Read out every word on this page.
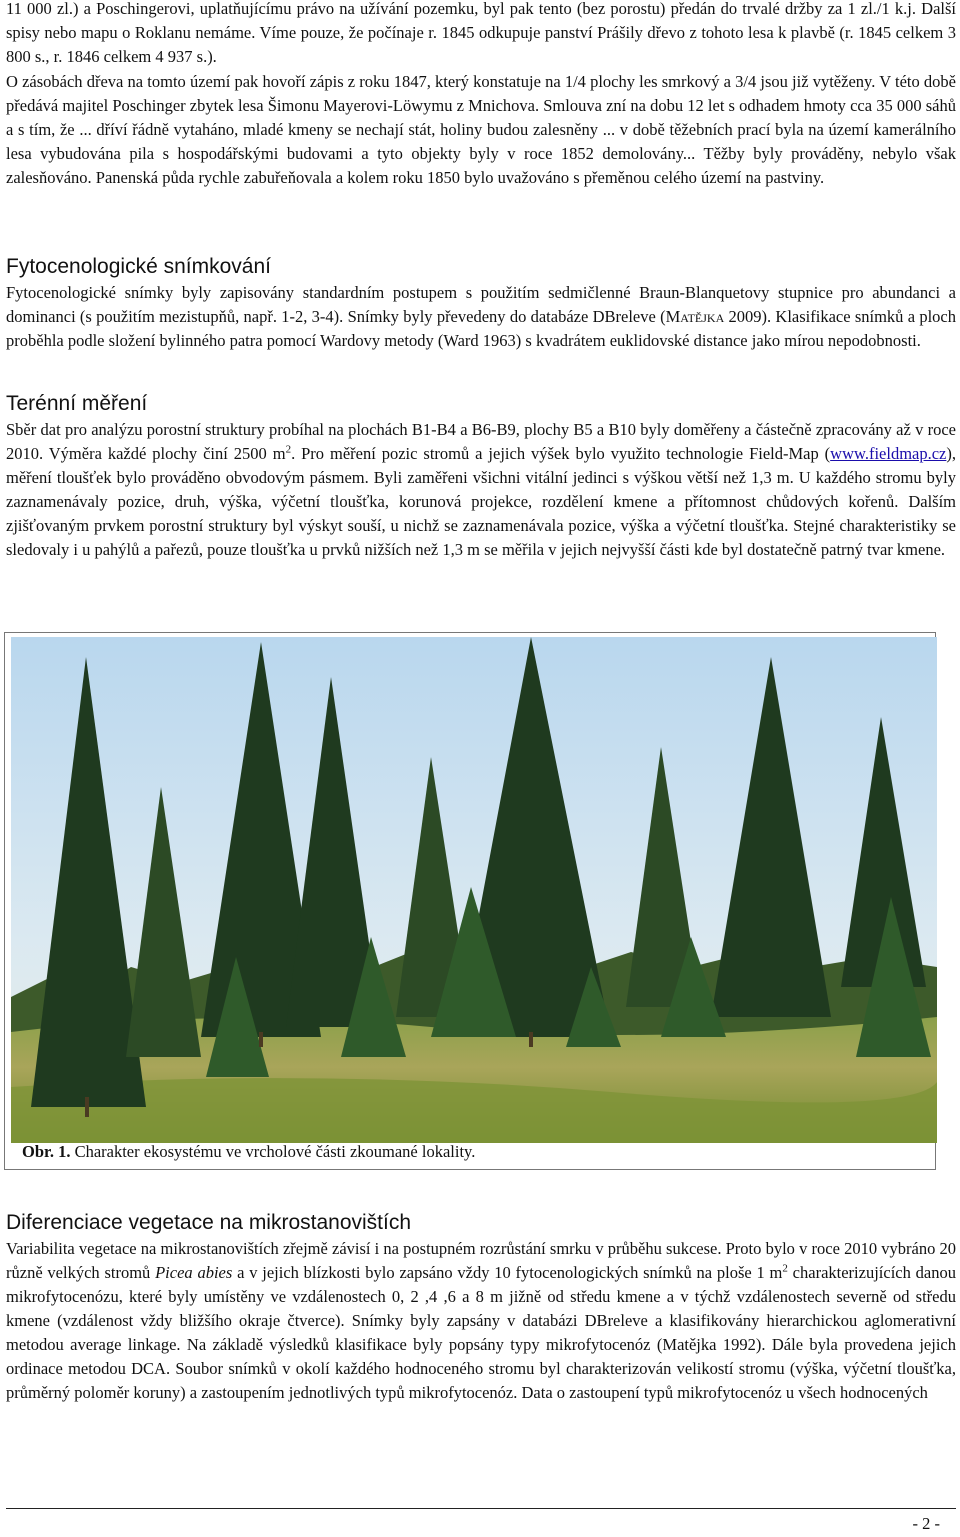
11 000 zl.) a Poschingerovi, uplatňujícímu právo na užívání pozemku, byl pak tento (bez porostu) předán do trvalé držby za 1 zl./1 k.j. Další spisy nebo mapu o Roklanu nemáme. Víme pouze, že počínaje r. 1845 odkupuje panství Prášily dřevo z tohoto lesa k plavbě (r. 1845 celkem 3 800 s., r. 1846 celkem 4 937 s.).

O zásobách dřeva na tomto území pak hovoří zápis z roku 1847, který konstatuje na 1/4 plochy les smrkový a 3/4 jsou již vytěženy. V této době předává majitel Poschinger zbytek lesa Šimonu Mayerovi-Löwymu z Mnichova. Smlouva zní na dobu 12 let s odhadem hmoty cca 35 000 sáhů a s tím, že ... dříví řádně vytaháno, mladé kmeny se nechají stát, holiny budou zalesněny ... v době těžebních prací byla na území kamerálního lesa vybudována pila s hospodářskými budovami a tyto objekty byly v roce 1852 demolovány... Těžby byly prováděny, nebylo však zalesňováno. Panenská půda rychle zabuřeňovala a kolem roku 1850 bylo uvažováno s přeměnou celého území na pastviny.

Fytocenologické snímkování

Fytocenologické snímky byly zapisovány standardním postupem s použitím sedmičlenné Braun-Blanquetovy stupnice pro abundanci a dominanci (s použitím mezistupňů, např. 1-2, 3-4). Snímky byly převedeny do databáze DBreleve (Matějka 2009). Klasifikace snímků a ploch proběhla podle složení bylinného patra pomocí Wardovy metody (Ward 1963) s kvadrátem euklidovské distance jako mírou nepodobnosti.

Terénní měření

Sběr dat pro analýzu porostní struktury probíhal na plochách B1-B4 a B6-B9, plochy B5 a B10 byly doměřeny a částečně zpracovány až v roce 2010. Výměra každé plochy činí 2500 $m^2$. Pro měření pozic stromů a jejich výšek bylo využito technologie Field-Map (www.fieldmap.cz), měření tloušťek bylo prováděno obvodovým pásmem. Byli zaměřeni všichni vitální jedinci s výškou větší než 1,3 m. U každého stromu byly zaznamenávaly pozice, druh, výška, výčetní tloušťka, korunová projekce, rozdělení kmene a přítomnost chůdových kořenů. Dalším zjišťovaným prvkem porostní struktury byl výskyt souší, u nichž se zaznamenávala pozice, výška a výčetní tloušťka. Stejné charakteristiky se sledovaly i u pahýlů a pařezů, pouze tloušťka u prvků nižších než 1,3 m se měřila v jejich nejvyšší části kde byl dostatečně patrný tvar kmene.

Obr. 1. Charakter ekosystému ve vrcholové části zkoumané lokality.
Diferenciace vegetace na mikrostanovištích

Variabilita vegetace na mikrostanovištích zřejmě závisí i na postupném rozrůstání smrku v průběhu sukcese. Proto bylo v roce 2010 vybráno 20 různě velkých stromů Picea abies a v jejich blízkosti bylo zapsáno vždy 10 fytocenologických snímků na ploše 1 $m^2$ charakterizujících danou mikrofytocenózu, které byly umístěny ve vzdálenostech 0, 2 ,4 ,6 a 8 m jižně od středu kmene a v týchž vzdálenostech severně od středu kmene (vzdálenost vždy bližšího okraje čtverce). Snímky byly zapsány v databázi DBreleve a klasifikovány hierarchickou aglomerativní metodou average linkage. Na základě výsledků klasifikace byly popsány typy mikrofytocenóz (Matějka 1992). Dále byla provedena jejich ordinace metodou DCA. Soubor snímků v okolí každého hodnoceného stromu byl charakterizován velikostí stromu (výška, výčetní tloušťka, průměrný poloměr koruny) a zastoupením jednotlivých typů mikrofytocenóz. Data o zastoupení typů mikrofytocenóz u všech hodnocených

- 2 -
